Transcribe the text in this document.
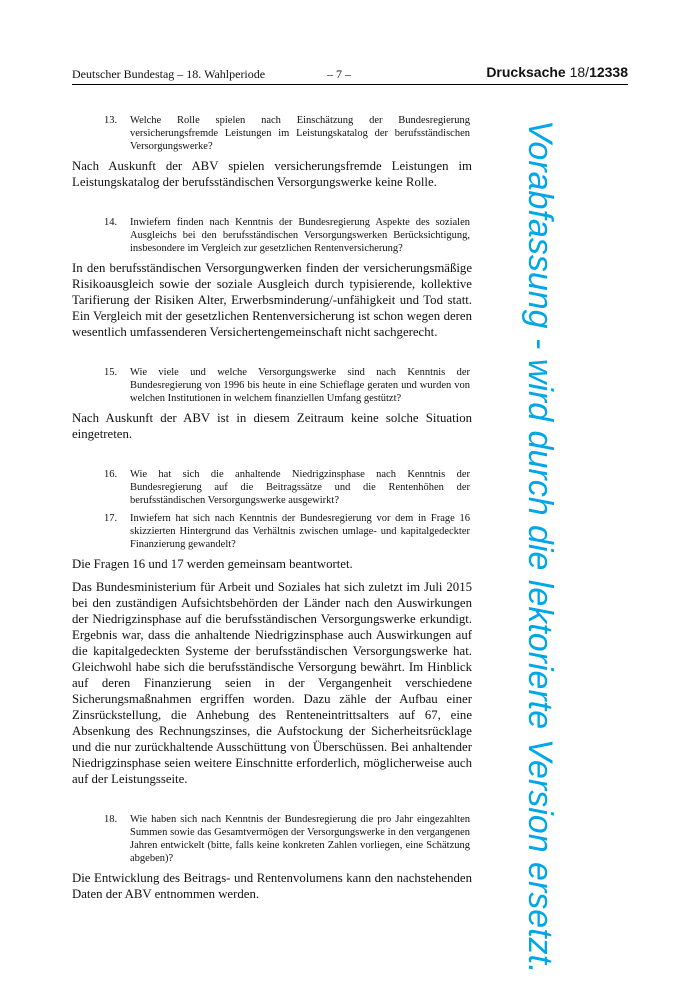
Deutscher Bundestag – 18. Wahlperiode	– 7 –	Drucksache 18/12338
13. Welche Rolle spielen nach Einschätzung der Bundesregierung versicherungsfremde Leistungen im Leistungskatalog der berufsständischen Versorgungswerke?
Nach Auskunft der ABV spielen versicherungsfremde Leistungen im Leistungskatalog der berufsständischen Versorgungswerke keine Rolle.
14. Inwiefern finden nach Kenntnis der Bundesregierung Aspekte des sozialen Ausgleichs bei den berufsständischen Versorgungswerken Berücksichtigung, insbesondere im Vergleich zur gesetzlichen Rentenversicherung?
In den berufsständischen Versorgungwerken finden der versicherungsmäßige Risikoausgleich sowie der soziale Ausgleich durch typisierende, kollektive Tarifierung der Risiken Alter, Erwerbsminderung/-unfähigkeit und Tod statt. Ein Vergleich mit der gesetzlichen Rentenversicherung ist schon wegen deren wesentlich umfassenderen Versichertengemeinschaft nicht sachgerecht.
15. Wie viele und welche Versorgungswerke sind nach Kenntnis der Bundesregierung von 1996 bis heute in eine Schieflage geraten und wurden von welchen Institutionen in welchem finanziellen Umfang gestützt?
Nach Auskunft der ABV ist in diesem Zeitraum keine solche Situation eingetreten.
16. Wie hat sich die anhaltende Niedrigzinsphase nach Kenntnis der Bundesregierung auf die Beitragssätze und die Rentenhöhen der berufsständischen Versorgungswerke ausgewirkt?
17. Inwiefern hat sich nach Kenntnis der Bundesregierung vor dem in Frage 16 skizzierten Hintergrund das Verhältnis zwischen umlage- und kapitalgedeckter Finanzierung gewandelt?
Die Fragen 16 und 17 werden gemeinsam beantwortet.
Das Bundesministerium für Arbeit und Soziales hat sich zuletzt im Juli 2015 bei den zuständigen Aufsichtsbehörden der Länder nach den Auswirkungen der Niedrigzinsphase auf die berufsständischen Versorgungswerke erkundigt. Ergebnis war, dass die anhaltende Niedrigzinsphase auch Auswirkungen auf die kapitalgedeckten Systeme der berufsständischen Versorgungswerke hat. Gleichwohl habe sich die berufsständische Versorgung bewährt. Im Hinblick auf deren Finanzierung seien in der Vergangenheit verschiedene Sicherungsmaßnahmen ergriffen worden. Dazu zähle der Aufbau einer Zinsrückstellung, die Anhebung des Renteneintrittsalters auf 67, eine Absenkung des Rechnungszinses, die Aufstockung der Sicherheitsrücklage und die nur zurückhaltende Ausschüttung von Überschüssen. Bei anhaltender Niedrigzinsphase seien weitere Einschnitte erforderlich, möglicherweise auch auf der Leistungsseite.
18. Wie haben sich nach Kenntnis der Bundesregierung die pro Jahr eingezahlten Summen sowie das Gesamtvermögen der Versorgungswerke in den vergangenen Jahren entwickelt (bitte, falls keine konkreten Zahlen vorliegen, eine Schätzung abgeben)?
Die Entwicklung des Beitrags- und Rentenvolumens kann den nachstehenden Daten der ABV entnommen werden.	Vorabfassung - wird durch die lektorierte Version ersetzt.
